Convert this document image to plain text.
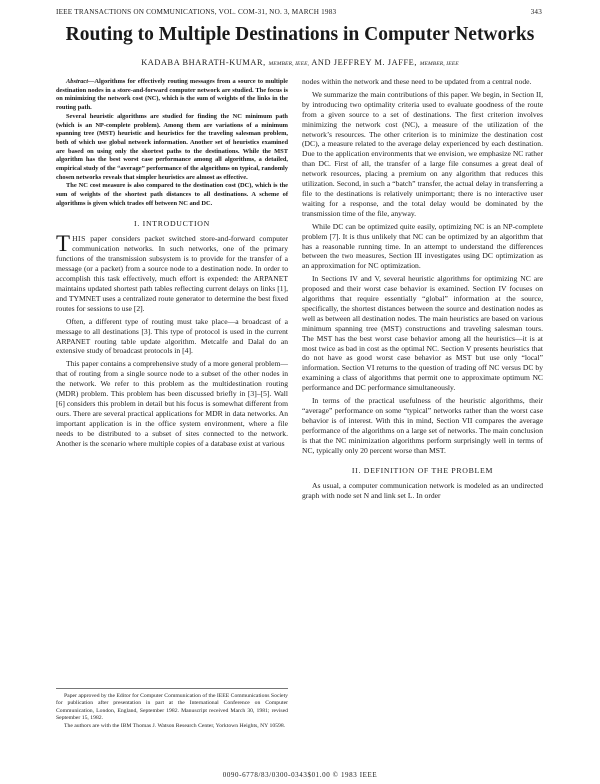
IEEE TRANSACTIONS ON COMMUNICATIONS, VOL. COM-31, NO. 3, MARCH 1983	343
Routing to Multiple Destinations in Computer Networks
KADABA BHARATH-KUMAR, MEMBER, IEEE, AND JEFFREY M. JAFFE, MEMBER, IEEE

Abstract—Algorithms for effectively routing messages from a source to multiple destination nodes in a store-and-forward computer network are studied. The focus is on minimizing the network cost (NC), which is the sum of weights of the links in the routing path.

Several heuristic algorithms are studied for finding the NC minimum path (which is an NP-complete problem). Among them are variations of a minimum spanning tree (MST) heuristic and heuristics for the traveling salesman problem, both of which use global network information. Another set of heuristics examined are based on using only the shortest paths to the destinations. While the MST algorithm has the best worst case performance among all algorithms, a detailed, empirical study of the “average” performance of the algorithms on typical, randomly chosen networks reveals that simpler heuristics are almost as effective.

The NC cost measure is also compared to the destination cost (DC), which is the sum of weights of the shortest path distances to all destinations. A scheme of algorithms is given which trades off between NC and DC.

I. INTRODUCTION

THIS paper considers packet switched store-and-forward computer communication networks. In such networks, one of the primary functions of the transmission subsystem is to provide for the transfer of a message (or a packet) from a source node to a destination node. In order to accomplish this task effectively, much effort is expended: the ARPANET maintains updated shortest path tables reflecting current delays on links [1], and TYMNET uses a centralized route generator to determine the best fixed routes for sessions to use [2].

Often, a different type of routing must take place—a broadcast of a message to all destinations [3]. This type of protocol is used in the current ARPANET routing table update algorithm. Metcalfe and Dalal do an extensive study of broadcast protocols in [4].

This paper contains a comprehensive study of a more general problem—that of routing from a single source node to a subset of the other nodes in the network. We refer to this problem as the multidestination routing (MDR) problem. This problem has been discussed briefly in [3]–[5]. Wall [6] considers this problem in detail but his focus is somewhat different from ours. There are several practical applications for MDR in data networks. An important application is in the office system environment, where a file needs to be distributed to a subset of sites connected to the network. Another is the scenario where multiple copies of a database exist at various

Paper approved by the Editor for Computer Communication of the IEEE Communications Society for publication after presentation in part at the International Conference on Computer Communication, London, England, September 1982. Manuscript received March 30, 1981; revised September 15, 1982.

The authors are with the IBM Thomas J. Watson Research Center, Yorktown Heights, NY 10598.

nodes within the network and these need to be updated from a central node.

We summarize the main contributions of this paper. We begin, in Section II, by introducing two optimality criteria used to evaluate goodness of the route from a given source to a set of destinations. The first criterion involves minimizing the network cost (NC), a measure of the utilization of the network’s resources. The other criterion is to minimize the destination cost (DC), a measure related to the average delay experienced by each destination. Due to the application environments that we envision, we emphasize NC rather than DC. First of all, the transfer of a large file consumes a great deal of network resources, placing a premium on any algorithm that reduces this utilization. Second, in such a “batch” transfer, the actual delay in transferring a file to the destinations is relatively unimportant; there is no interactive user waiting for a response, and the total delay would be dominated by the transmission time of the file, anyway.

While DC can be optimized quite easily, optimizing NC is an NP-complete problem [7]. It is thus unlikely that NC can be optimized by an algorithm that has a reasonable running time. In an attempt to understand the differences between the two measures, Section III investigates using DC optimization as an approximation for NC optimization.

In Sections IV and V, several heuristic algorithms for optimizing NC are proposed and their worst case behavior is examined. Section IV focuses on algorithms that require essentially “global” information at the source, specifically, the shortest distances between the source and destination nodes as well as between all destination nodes. The main heuristics are based on various minimum spanning tree (MST) constructions and traveling salesman tours. The MST has the best worst case behavior among all the heuristics—it is at most twice as bad in cost as the optimal NC. Section V presents heuristics that do not have as good worst case behavior as MST but use only “local” information. Section VI returns to the question of trading off NC versus DC by examining a class of algorithms that permit one to approximate optimum NC performance and DC performance simultaneously.

In terms of the practical usefulness of the heuristic algorithms, their “average” performance on some “typical” networks rather than the worst case behavior is of interest. With this in mind, Section VII compares the average performance of the algorithms on a large set of networks. The main conclusion is that the NC minimization algorithms perform surprisingly well in terms of NC, typically only 20 percent worse than MST.

II. DEFINITION OF THE PROBLEM

As usual, a computer communication network is modeled as an undirected graph with node set N and link set L. In order

0090-6778/83/0300-0343$01.00 © 1983 IEEE
